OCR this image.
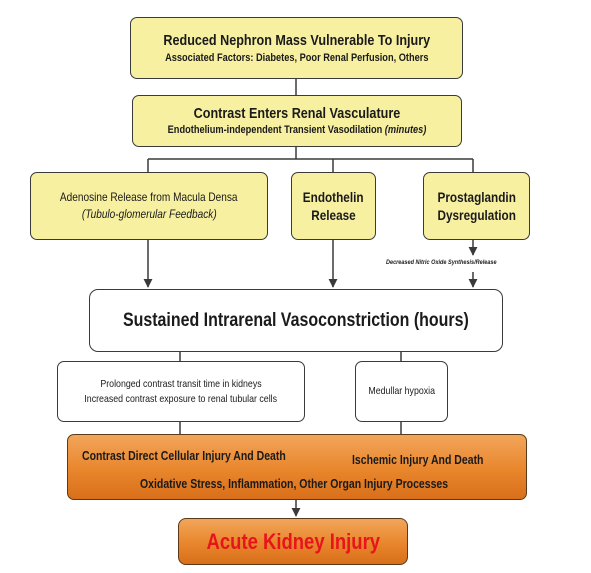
Reduced Nephron Mass Vulnerable To Injury
Associated Factors: Diabetes, Poor Renal Perfusion, Others
Contrast Enters Renal Vasculature
Endothelium-independent Transient Vasodilation (minutes)
Adenosine Release from Macula Densa
(Tubulo-glomerular Feedback)
Endothelin
Release
Prostaglandin
Dysregulation
Decreased Nitric Oxide Synthesis/Release
Sustained Intrarenal Vasoconstriction (hours)
Prolonged contrast transit time in kidneys
Increased contrast exposure to renal tubular cells
Medullar hypoxia
Contrast Direct Cellular Injury And Death	Ischemic Injury And Death
Oxidative Stress, Inflammation, Other Organ Injury Processes
Acute Kidney Injury
